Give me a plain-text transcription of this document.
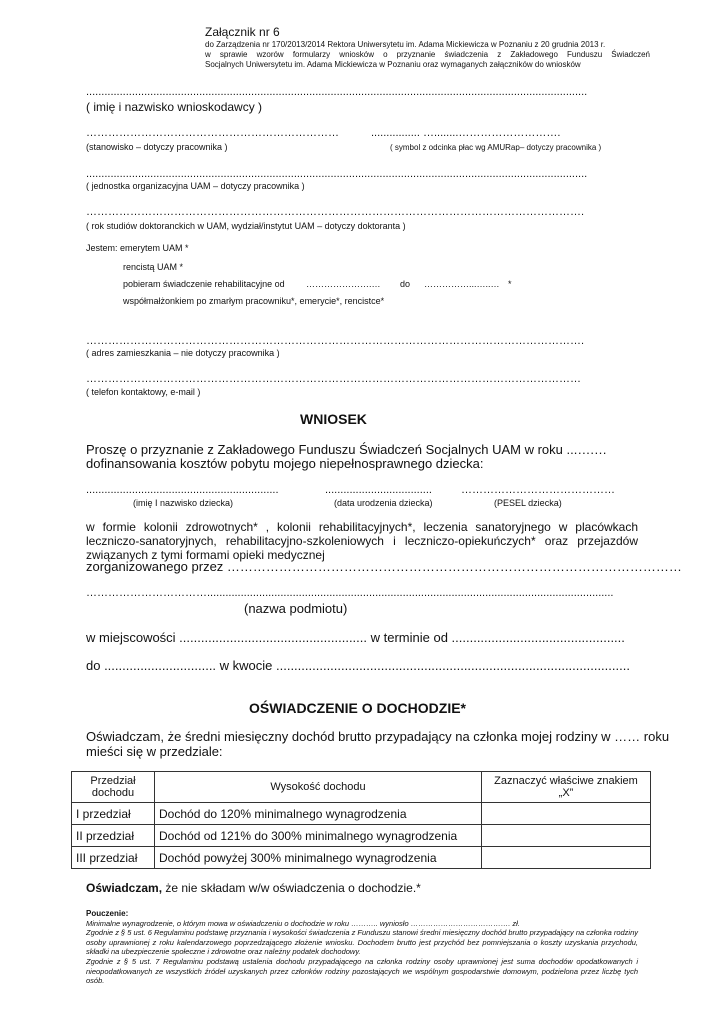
Załącznik nr 6
do Zarządzenia nr 170/2013/2014 Rektora Uniwersytetu im. Adama Mickiewicza w Poznaniu z 20 grudnia 2013 r.
w sprawie wzorów formularzy wniosków o przyznanie świadczenia z Zakładowego Funduszu Świadczeń
Socjalnych Uniwersytetu im. Adama Mickiewicza w Poznaniu oraz wymaganych załączników do wniosków
....................................................................................................................................................................
( imię i nazwisko wnioskodawcy )
……………………………………………………………	................ …........……………………….
(stanowisko – dotyczy pracownika )	( symbol z odcinka płac wg AMURap– dotyczy pracownika )
....................................................................................................................................................................
( jednostka organizacyjna UAM – dotyczy pracownika )
……………………………………………………………………………………………………………………….
( rok studiów doktoranckich w UAM, wydział/instytut UAM – dotyczy doktoranta )
Jestem: emerytem UAM *
rencistą UAM *
pobieram świadczenie rehabilitacyjne od ………………….… do ……………...…..… *
współmałżonkiem po zmarłym pracowniku*, emerycie*, rencistce*
……………………………………………………………………………………………………………………….
( adres zamieszkania – nie dotyczy pracownika )
………………………………………………………………………………………………………………………
( telefon kontaktowy, e-mail )
WNIOSEK
Proszę o przyznanie z Zakładowego Funduszu Świadczeń Socjalnych UAM w roku ...….…
dofinansowania kosztów pobytu mojego niepełnosprawnego dziecka:
...............................................................	...................................	……………………………………
(imię I nazwisko dziecka)	(data urodzenia dziecka)	(PESEL dziecka)
w formie kolonii zdrowotnych* , kolonii rehabilitacyjnych*, leczenia sanatoryjnego w placówkach leczniczo-sanatoryjnych, rehabilitacyjno-szkoleniowych i leczniczo-opiekuńczych* oraz przejazdów związanych z tymi formami opieki medycznej
zorganizowanego przez ……………………………………………………………………………………………
…………………………….....................................................................................................................................
(nazwa podmiotu)
w miejscowości .................................................... w terminie od ................................................
do ............................... w kwocie ..................................................................................................
OŚWIADCZENIE O DOCHODZIE*
Oświadczam, że średni miesięczny dochód brutto przypadający na członka mojej rodziny w …… roku
mieści się w przedziale:
Przedział dochodu	Wysokość dochodu	Zaznaczyć właściwe znakiem „X”
I przedział	Dochód do 120% minimalnego wynagrodzenia	
II przedział	Dochód od 121% do 300% minimalnego wynagrodzenia	
III przedział	Dochód powyżej 300% minimalnego wynagrodzenia	
Oświadczam, że nie składam w/w oświadczenia o dochodzie.*
Pouczenie:
Minimalne wynagrodzenie, o którym mowa w oświadczeniu o dochodzie w roku ……….. wyniosło …………………………………. zł.
Zgodnie z § 5 ust. 6 Regulaminu podstawę przyznania i wysokości świadczenia z Funduszu stanowi średni miesięczny dochód brutto przypadający na członka rodziny osoby uprawnionej z roku kalendarzowego poprzedzającego złożenie wniosku. Dochodem brutto jest przychód bez pomniejszania o koszty uzyskania przychodu, składki na ubezpieczenie społeczne i zdrowotne oraz należny podatek dochodowy.
Zgodnie z § 5 ust. 7 Regulaminu podstawą ustalenia dochodu przypadającego na członka rodziny osoby uprawnionej jest suma dochodów opodatkowanych i nieopodatkowanych ze wszystkich źródeł uzyskanych przez członków rodziny pozostających we wspólnym gospodarstwie domowym, podzielona przez liczbę tych osób.
